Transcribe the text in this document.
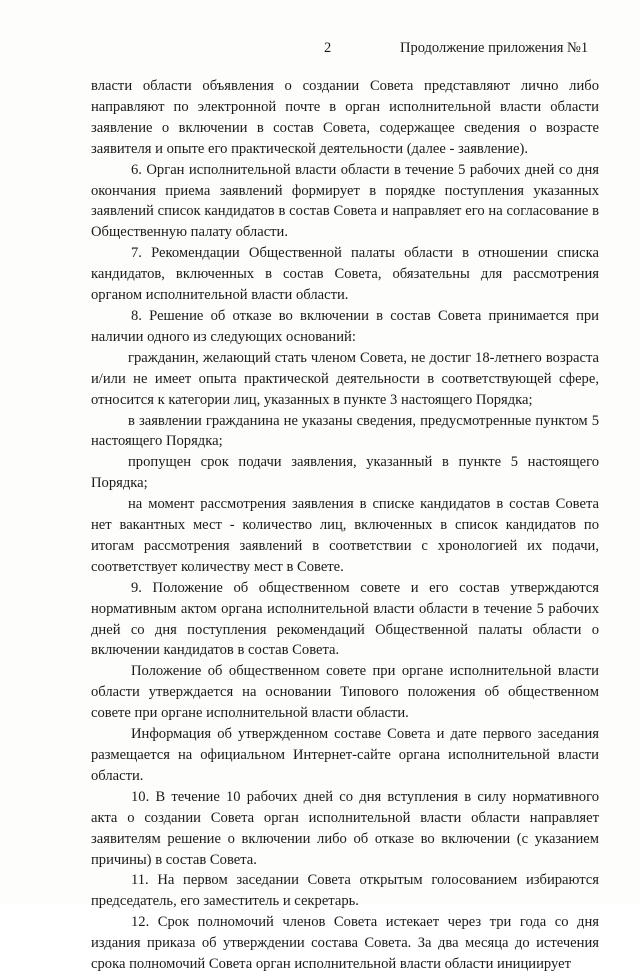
2	Продолжение приложения №1

власти области объявления о создании Совета представляют лично либо направляют по электронной почте в орган исполнительной власти области заявление о включении в состав Совета, содержащее сведения о возрасте заявителя и опыте его практической деятельности (далее - заявление).

6. Орган исполнительной власти области в течение 5 рабочих дней со дня окончания приема заявлений формирует в порядке поступления указанных заявлений список кандидатов в состав Совета и направляет его на согласование в Общественную палату области.

7. Рекомендации Общественной палаты области в отношении списка кандидатов, включенных в состав Совета, обязательны для рассмотрения органом исполнительной власти области.

8. Решение об отказе во включении в состав Совета принимается при наличии одного из следующих оснований:

гражданин, желающий стать членом Совета, не достиг 18-летнего возраста и/или не имеет опыта практической деятельности в соответствующей сфере, относится к категории лиц, указанных в пункте 3 настоящего Порядка;

в заявлении гражданина не указаны сведения, предусмотренные пунктом 5 настоящего Порядка;

пропущен срок подачи заявления, указанный в пункте 5 настоящего Порядка;

на момент рассмотрения заявления в списке кандидатов в состав Совета нет вакантных мест - количество лиц, включенных в список кандидатов по итогам рассмотрения заявлений в соответствии с хронологией их подачи, соответствует количеству мест в Совете.

9. Положение об общественном совете и его состав утверждаются нормативным актом органа исполнительной власти области в течение 5 рабочих дней со дня поступления рекомендаций Общественной палаты области о включении кандидатов в состав Совета.

Положение об общественном совете при органе исполнительной власти области утверждается на основании Типового положения об общественном совете при органе исполнительной власти области.

Информация об утвержденном составе Совета и дате первого заседания размещается на официальном Интернет-сайте органа исполнительной власти области.

10. В течение 10 рабочих дней со дня вступления в силу нормативного акта о создании Совета орган исполнительной власти области направляет заявителям решение о включении либо об отказе во включении (с указанием причины) в состав Совета.

11. На первом заседании Совета открытым голосованием избираются председатель, его заместитель и секретарь.

12. Срок полномочий членов Совета истекает через три года со дня издания приказа об утверждении состава Совета. За два месяца до истечения срока полномочий Совета орган исполнительной власти области инициирует
